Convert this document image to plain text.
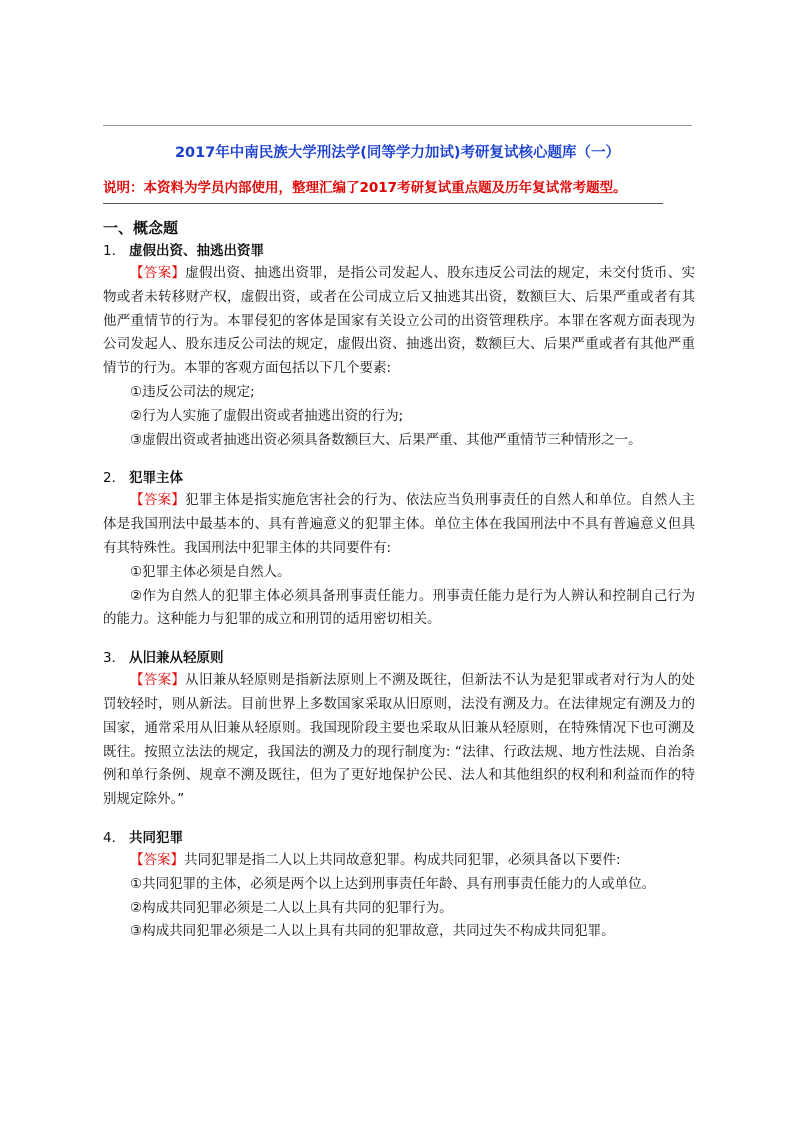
2017年中南民族大学刑法学(同等学力加试)考研复试核心题库（一）
说明：本资料为学员内部使用，整理汇编了2017考研复试重点题及历年复试常考题型。
一、概念题
1． 虚假出资、抽逃出资罪

【答案】虚假出资、抽逃出资罪，是指公司发起人、股东违反公司法的规定，未交付货币、实物或者未转移财产权，虚假出资，或者在公司成立后又抽逃其出资，数额巨大、后果严重或者有其他严重情节的行为。本罪侵犯的客体是国家有关设立公司的出资管理秩序。本罪在客观方面表现为公司发起人、股东违反公司法的规定，虚假出资、抽逃出资，数额巨大、后果严重或者有其他严重情节的行为。本罪的客观方面包括以下几个要素:

①违反公司法的规定;

②行为人实施了虚假出资或者抽逃出资的行为;

③虚假出资或者抽逃出资必须具备数额巨大、后果严重、其他严重情节三种情形之一。

2． 犯罪主体

【答案】犯罪主体是指实施危害社会的行为、依法应当负刑事责任的自然人和单位。自然人主体是我国刑法中最基本的、具有普遍意义的犯罪主体。单位主体在我国刑法中不具有普遍意义但具有其特殊性。我国刑法中犯罪主体的共同要件有:

①犯罪主体必须是自然人。

②作为自然人的犯罪主体必须具备刑事责任能力。刑事责任能力是行为人辨认和控制自己行为的能力。这种能力与犯罪的成立和刑罚的适用密切相关。

3． 从旧兼从轻原则

【答案】从旧兼从轻原则是指新法原则上不溯及既往，但新法不认为是犯罪或者对行为人的处罚较轻时，则从新法。目前世界上多数国家采取从旧原则，法没有溯及力。在法律规定有溯及力的国家，通常采用从旧兼从轻原则。我国现阶段主要也采取从旧兼从轻原则，在特殊情况下也可溯及既往。按照立法法的规定，我国法的溯及力的现行制度为: “法律、行政法规、地方性法规、自治条例和单行条例、规章不溯及既往，但为了更好地保护公民、法人和其他组织的权利和利益而作的特别规定除外。”

4． 共同犯罪

【答案】共同犯罪是指二人以上共同故意犯罪。构成共同犯罪，必须具备以下要件:

①共同犯罪的主体，必须是两个以上达到刑事责任年龄、具有刑事责任能力的人或单位。

②构成共同犯罪必须是二人以上具有共同的犯罪行为。

③构成共同犯罪必须是二人以上具有共同的犯罪故意，共同过失不构成共同犯罪。
